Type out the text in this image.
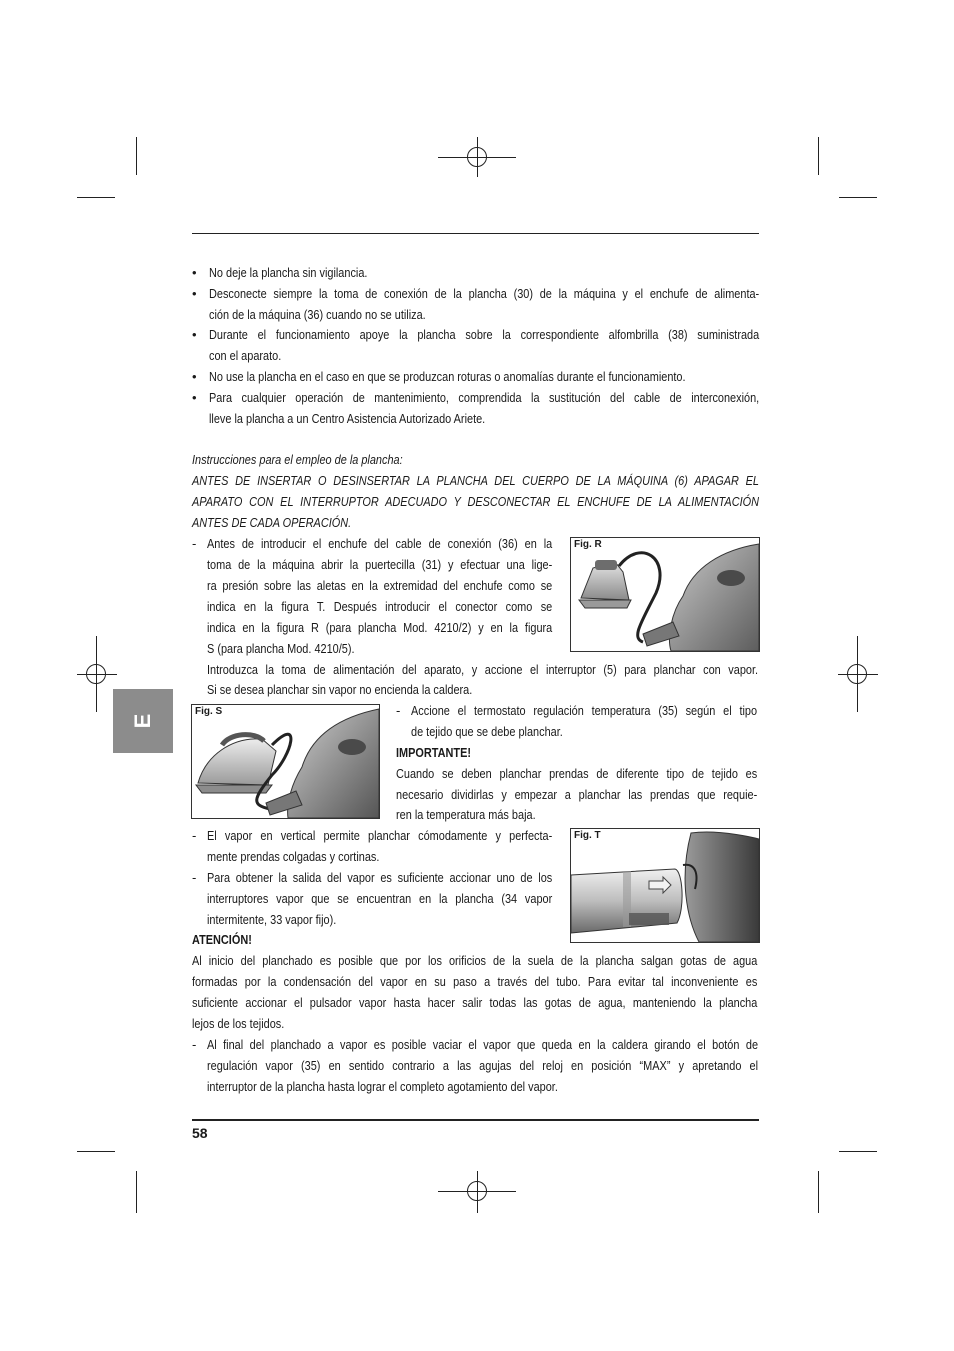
E
• No deje la plancha sin vigilancia.
• Desconecte siempre la toma de conexión de la plancha (30) de la máquina y el enchufe de alimenta-
ción de la máquina (36) cuando no se utiliza.
• Durante el funcionamiento apoye la plancha sobre la correspondiente alfombrilla (38) suministrada
con el aparato.
• No use la plancha en el caso en que se produzcan roturas o anomalías durante el funcionamiento.
• Para cualquier operación de mantenimiento, comprendida la sustitución del cable de interconexión,
lleve la plancha a un Centro Asistencia Autorizado Ariete.
Instrucciones para el empleo de la plancha:
ANTES DE INSERTAR O DESINSERTAR LA PLANCHA DEL CUERPO DE LA MÁQUINA (6) APAGAR EL
APARATO CON EL INTERRUPTOR ADECUADO Y DESCONECTAR EL ENCHUFE DE LA ALIMENTACIÓN
ANTES DE CADA OPERACIÓN.
- Antes de introducir el enchufe del cable de conexión (36) en la
toma de la máquina abrir la puertecilla (31) y efectuar una lige-
ra presión sobre las aletas en la extremidad del enchufe como se
indica en la figura T. Después introducir el conector como se
indica en la figura R (para plancha Mod. 4210/2) y en la figura
S (para plancha Mod. 4210/5).
Introduzca la toma de alimentación del aparato, y accione el interruptor (5) para planchar con vapor.
Si se desea planchar sin vapor no encienda la caldera.
Fig. R
Fig. S	- Accione el termostato regulación temperatura (35) según el tipo
de tejido que se debe planchar.
IMPORTANTE!
Cuando se deben planchar prendas de diferente tipo de tejido es
necesario dividirlas y empezar a planchar las prendas que requie-
ren la temperatura más baja.
Fig. T
- El vapor en vertical permite planchar cómodamente y perfecta-
mente prendas colgadas y cortinas.
- Para obtener la salida del vapor es suficiente accionar uno de los
interruptores vapor que se encuentran en la plancha (34 vapor
intermitente, 33 vapor fijo).
ATENCIÓN!
Al inicio del planchado es posible que por los orificios de la suela de la plancha salgan gotas de agua
formadas por la condensación del vapor en su paso a través del tubo. Para evitar tal inconveniente es
suficiente accionar el pulsador vapor hasta hacer salir todas las gotas de agua, manteniendo la plancha
lejos de los tejidos.
- Al final del planchado a vapor es posible vaciar el vapor que queda en la caldera girando el botón de
regulación vapor (35) en sentido contrario a las agujas del reloj en posición “MAX” y apretando el
interruptor de la plancha hasta lograr el completo agotamiento del vapor.
58
